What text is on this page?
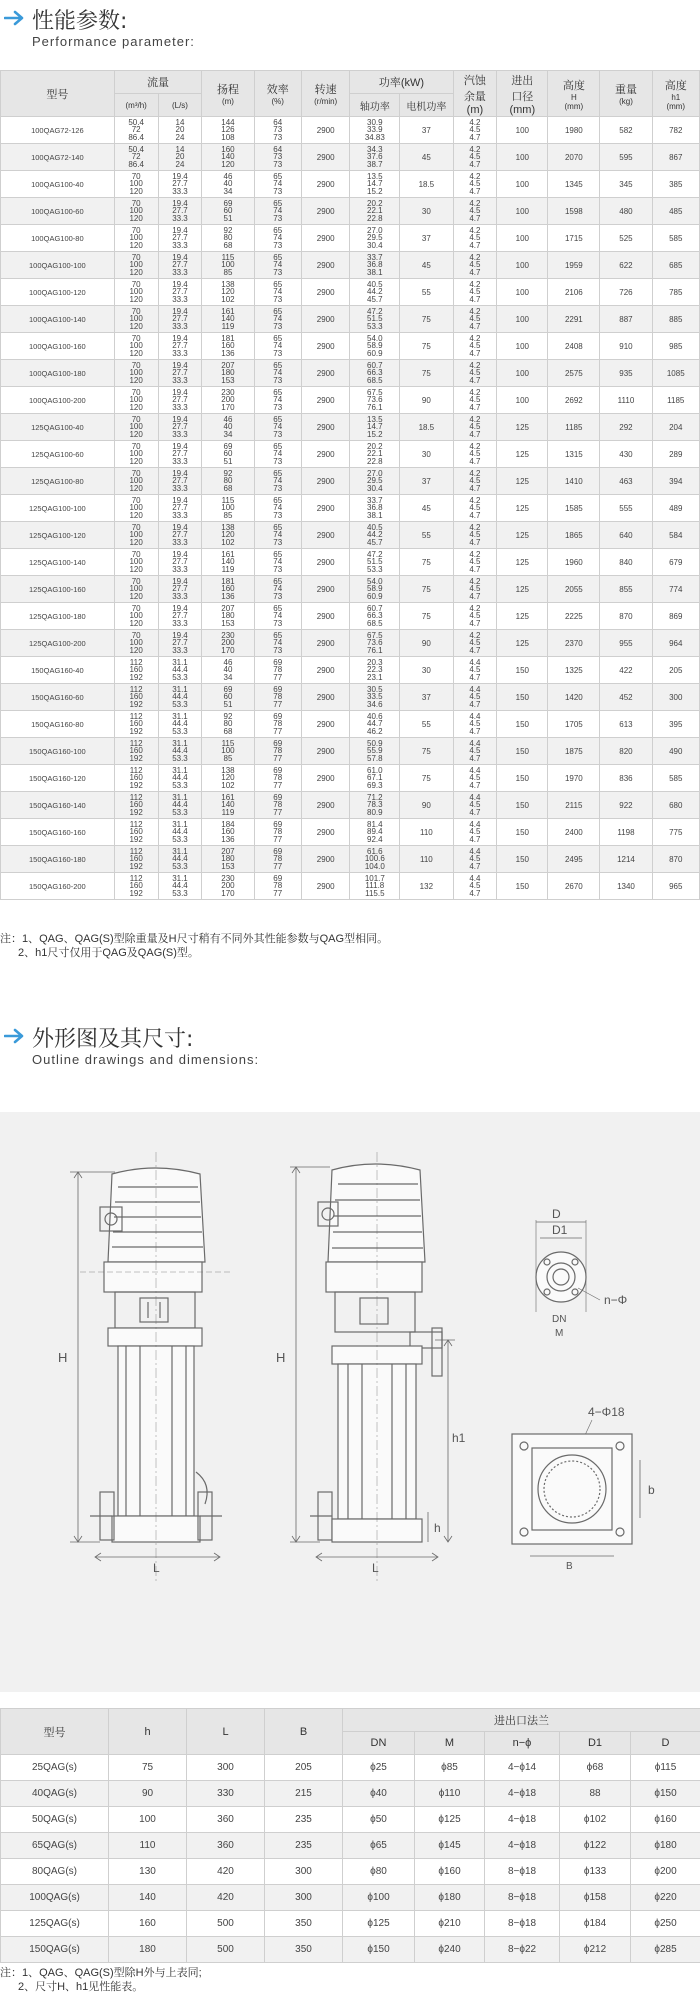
性能参数:
Performance parameter:
型号	流量		扬程
(m)	效率
(%)	转速
(r/min)	功率(kW)		汽蚀
余量
(m)	进出
口径
(mm)	高度
H
(mm)	重量
(kg)	高度
h1
(mm)

	(m³/h)	(L/s)				轴功率	电机功率					
100QAG72-126	50.4
72
86.4	14
20
24	144
126
108	64
73
73	2900	30.9
33.9
34.83	37	4.2
4.5
4.7	100	1980	582	782
100QAG72-140	50.4
72
86.4	14
20
24	160
140
120	64
73
73	2900	34.3
37.6
38.7	45	4.2
4.5
4.7	100	2070	595	867
100QAG100-40	70
100
120	19.4
27.7
33.3	46
40
34	65
74
73	2900	13.5
14.7
15.2	18.5	4.2
4.5
4.7	100	1345	345	385
100QAG100-60	70
100
120	19.4
27.7
33.3	69
60
51	65
74
73	2900	20.2
22.1
22.8	30	4.2
4.5
4.7	100	1598	480	485
100QAG100-80	70
100
120	19.4
27.7
33.3	92
80
68	65
74
73	2900	27.0
29.5
30.4	37	4.2
4.5
4.7	100	1715	525	585
100QAG100-100	70
100
120	19.4
27.7
33.3	115
100
85	65
74
73	2900	33.7
36.8
38.1	45	4.2
4.5
4.7	100	1959	622	685
100QAG100-120	70
100
120	19.4
27.7
33.3	138
120
102	65
74
73	2900	40.5
44.2
45.7	55	4.2
4.5
4.7	100	2106	726	785
100QAG100-140	70
100
120	19.4
27.7
33.3	161
140
119	65
74
73	2900	47.2
51.5
53.3	75	4.2
4.5
4.7	100	2291	887	885
100QAG100-160	70
100
120	19.4
27.7
33.3	181
160
136	65
74
73	2900	54.0
58.9
60.9	75	4.2
4.5
4.7	100	2408	910	985
100QAG100-180	70
100
120	19.4
27.7
33.3	207
180
153	65
74
73	2900	60.7
66.3
68.5	75	4.2
4.5
4.7	100	2575	935	1085
100QAG100-200	70
100
120	19.4
27.7
33.3	230
200
170	65
74
73	2900	67.5
73.6
76.1	90	4.2
4.5
4.7	100	2692	1110	1185
125QAG100-40	70
100
120	19.4
27.7
33.3	46
40
34	65
74
73	2900	13.5
14.7
15.2	18.5	4.2
4.5
4.7	125	1185	292	204
125QAG100-60	70
100
120	19.4
27.7
33.3	69
60
51	65
74
73	2900	20.2
22.1
22.8	30	4.2
4.5
4.7	125	1315	430	289
125QAG100-80	70
100
120	19.4
27.7
33.3	92
80
68	65
74
73	2900	27.0
29.5
30.4	37	4.2
4.5
4.7	125	1410	463	394
125QAG100-100	70
100
120	19.4
27.7
33.3	115
100
85	65
74
73	2900	33.7
36.8
38.1	45	4.2
4.5
4.7	125	1585	555	489
125QAG100-120	70
100
120	19.4
27.7
33.3	138
120
102	65
74
73	2900	40.5
44.2
45.7	55	4.2
4.5
4.7	125	1865	640	584
125QAG100-140	70
100
120	19.4
27.7
33.3	161
140
119	65
74
73	2900	47.2
51.5
53.3	75	4.2
4.5
4.7	125	1960	840	679
125QAG100-160	70
100
120	19.4
27.7
33.3	181
160
136	65
74
73	2900	54.0
58.9
60.9	75	4.2
4.5
4.7	125	2055	855	774
125QAG100-180	70
100
120	19.4
27.7
33.3	207
180
153	65
74
73	2900	60.7
66.3
68.5	75	4.2
4.5
4.7	125	2225	870	869
125QAG100-200	70
100
120	19.4
27.7
33.3	230
200
170	65
74
73	2900	67.5
73.6
76.1	90	4.2
4.5
4.7	125	2370	955	964
150QAG160-40	112
160
192	31.1
44.4
53.3	46
40
34	69
78
77	2900	20.3
22.3
23.1	30	4.4
4.5
4.7	150	1325	422	205
150QAG160-60	112
160
192	31.1
44.4
53.3	69
60
51	69
78
77	2900	30.5
33.5
34.6	37	4.4
4.5
4.7	150	1420	452	300
150QAG160-80	112
160
192	31.1
44.4
53.3	92
80
68	69
78
77	2900	40.6
44.7
46.2	55	4.4
4.5
4.7	150	1705	613	395
150QAG160-100	112
160
192	31.1
44.4
53.3	115
100
85	69
78
77	2900	50.9
55.9
57.8	75	4.4
4.5
4.7	150	1875	820	490
150QAG160-120	112
160
192	31.1
44.4
53.3	138
120
102	69
78
77	2900	61.0
67.1
69.3	75	4.4
4.5
4.7	150	1970	836	585
150QAG160-140	112
160
192	31.1
44.4
53.3	161
140
119	69
78
77	2900	71.2
78.3
80.9	90	4.4
4.5
4.7	150	2115	922	680
150QAG160-160	112
160
192	31.1
44.4
53.3	184
160
136	69
78
77	2900	81.4
89.4
92.4	110	4.4
4.5
4.7	150	2400	1198	775
150QAG160-180	112
160
192	31.1
44.4
53.3	207
180
153	69
78
77	2900	61.6
100.6
104.0	110	4.4
4.5
4.7	150	2495	1214	870
150QAG160-200	112
160
192	31.1
44.4
53.3	230
200
170	69
78
77	2900	101.7
111.8
115.5	132	4.4
4.5
4.7	150	2670	1340	965
注：1、QAG、QAG(S)型除重量及H尺寸稍有不同外其性能参数与QAG型相同。
2、h1尺寸仅用于QAG及QAG(S)型。
外形图及其尺寸:
Outline drawings and dimensions:
H
L
H
h1
h
L
D
D1
n−Φ
DN
M
4−Φ18
b
B
型号	h	L	B	进出口法兰				
				DN	M	n−ϕ	D1	D
25QAG(s)	75	300	205	ϕ25	ϕ85	4−ϕ14	ϕ68	ϕ115
40QAG(s)	90	330	215	ϕ40	ϕ110	4−ϕ18	88	ϕ150
50QAG(s)	100	360	235	ϕ50	ϕ125	4−ϕ18	ϕ102	ϕ160
65QAG(s)	110	360	235	ϕ65	ϕ145	4−ϕ18	ϕ122	ϕ180
80QAG(s)	130	420	300	ϕ80	ϕ160	8−ϕ18	ϕ133	ϕ200
100QAG(s)	140	420	300	ϕ100	ϕ180	8−ϕ18	ϕ158	ϕ220
125QAG(s)	160	500	350	ϕ125	ϕ210	8−ϕ18	ϕ184	ϕ250
150QAG(s)	180	500	350	ϕ150	ϕ240	8−ϕ22	ϕ212	ϕ285
注：1、QAG、QAG(S)型除H外与上表同;
2、尺寸H、h1见性能表。
